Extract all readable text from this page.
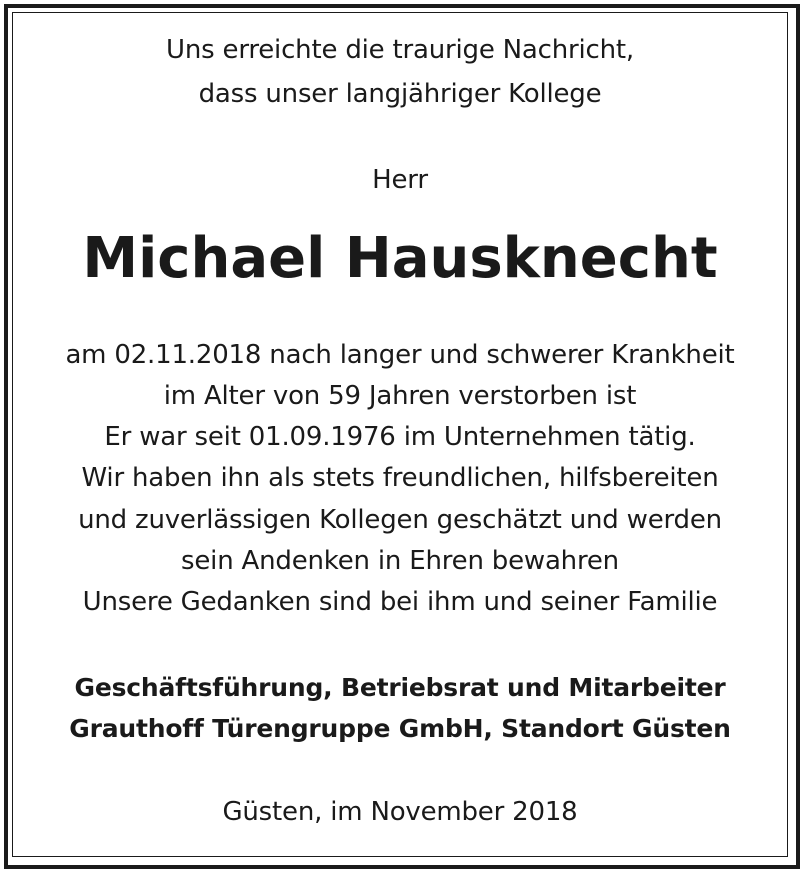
Uns erreichte die traurige Nachricht,
dass unser langjähriger Kollege
Herr
Michael Hausknecht
am 02.11.2018 nach langer und schwerer Krankheit
im Alter von 59 Jahren verstorben ist
Er war seit 01.09.1976 im Unternehmen tätig.
Wir haben ihn als stets freundlichen, hilfsbereiten
und zuverlässigen Kollegen geschätzt und werden
sein Andenken in Ehren bewahren
Unsere Gedanken sind bei ihm und seiner Familie
Geschäftsführung, Betriebsrat und Mitarbeiter
Grauthoff Türengruppe GmbH, Standort Güsten
Güsten, im November 2018
